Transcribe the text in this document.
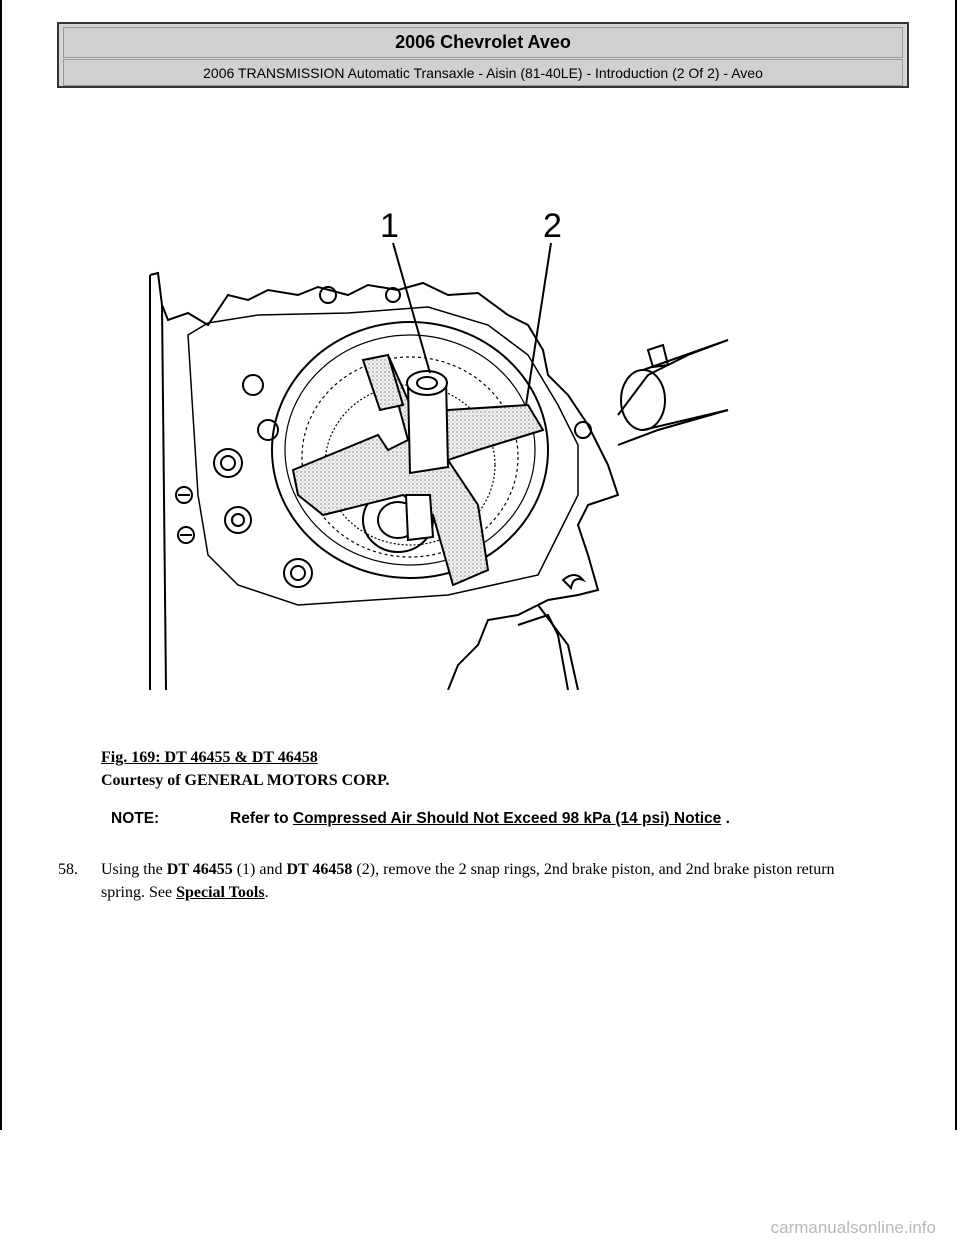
2006 Chevrolet Aveo
2006 TRANSMISSION Automatic Transaxle - Aisin (81-40LE) - Introduction (2 Of 2) - Aveo
1	2
Fig. 169: DT 46455 & DT 46458
Courtesy of GENERAL MOTORS CORP.
NOTE:	Refer to Compressed Air Should Not Exceed 98 kPa (14 psi) Notice .
58.	Using the DT 46455 (1) and DT 46458 (2), remove the 2 snap rings, 2nd brake piston, and 2nd brake piston return spring. See Special Tools.
carmanualsonline.info
